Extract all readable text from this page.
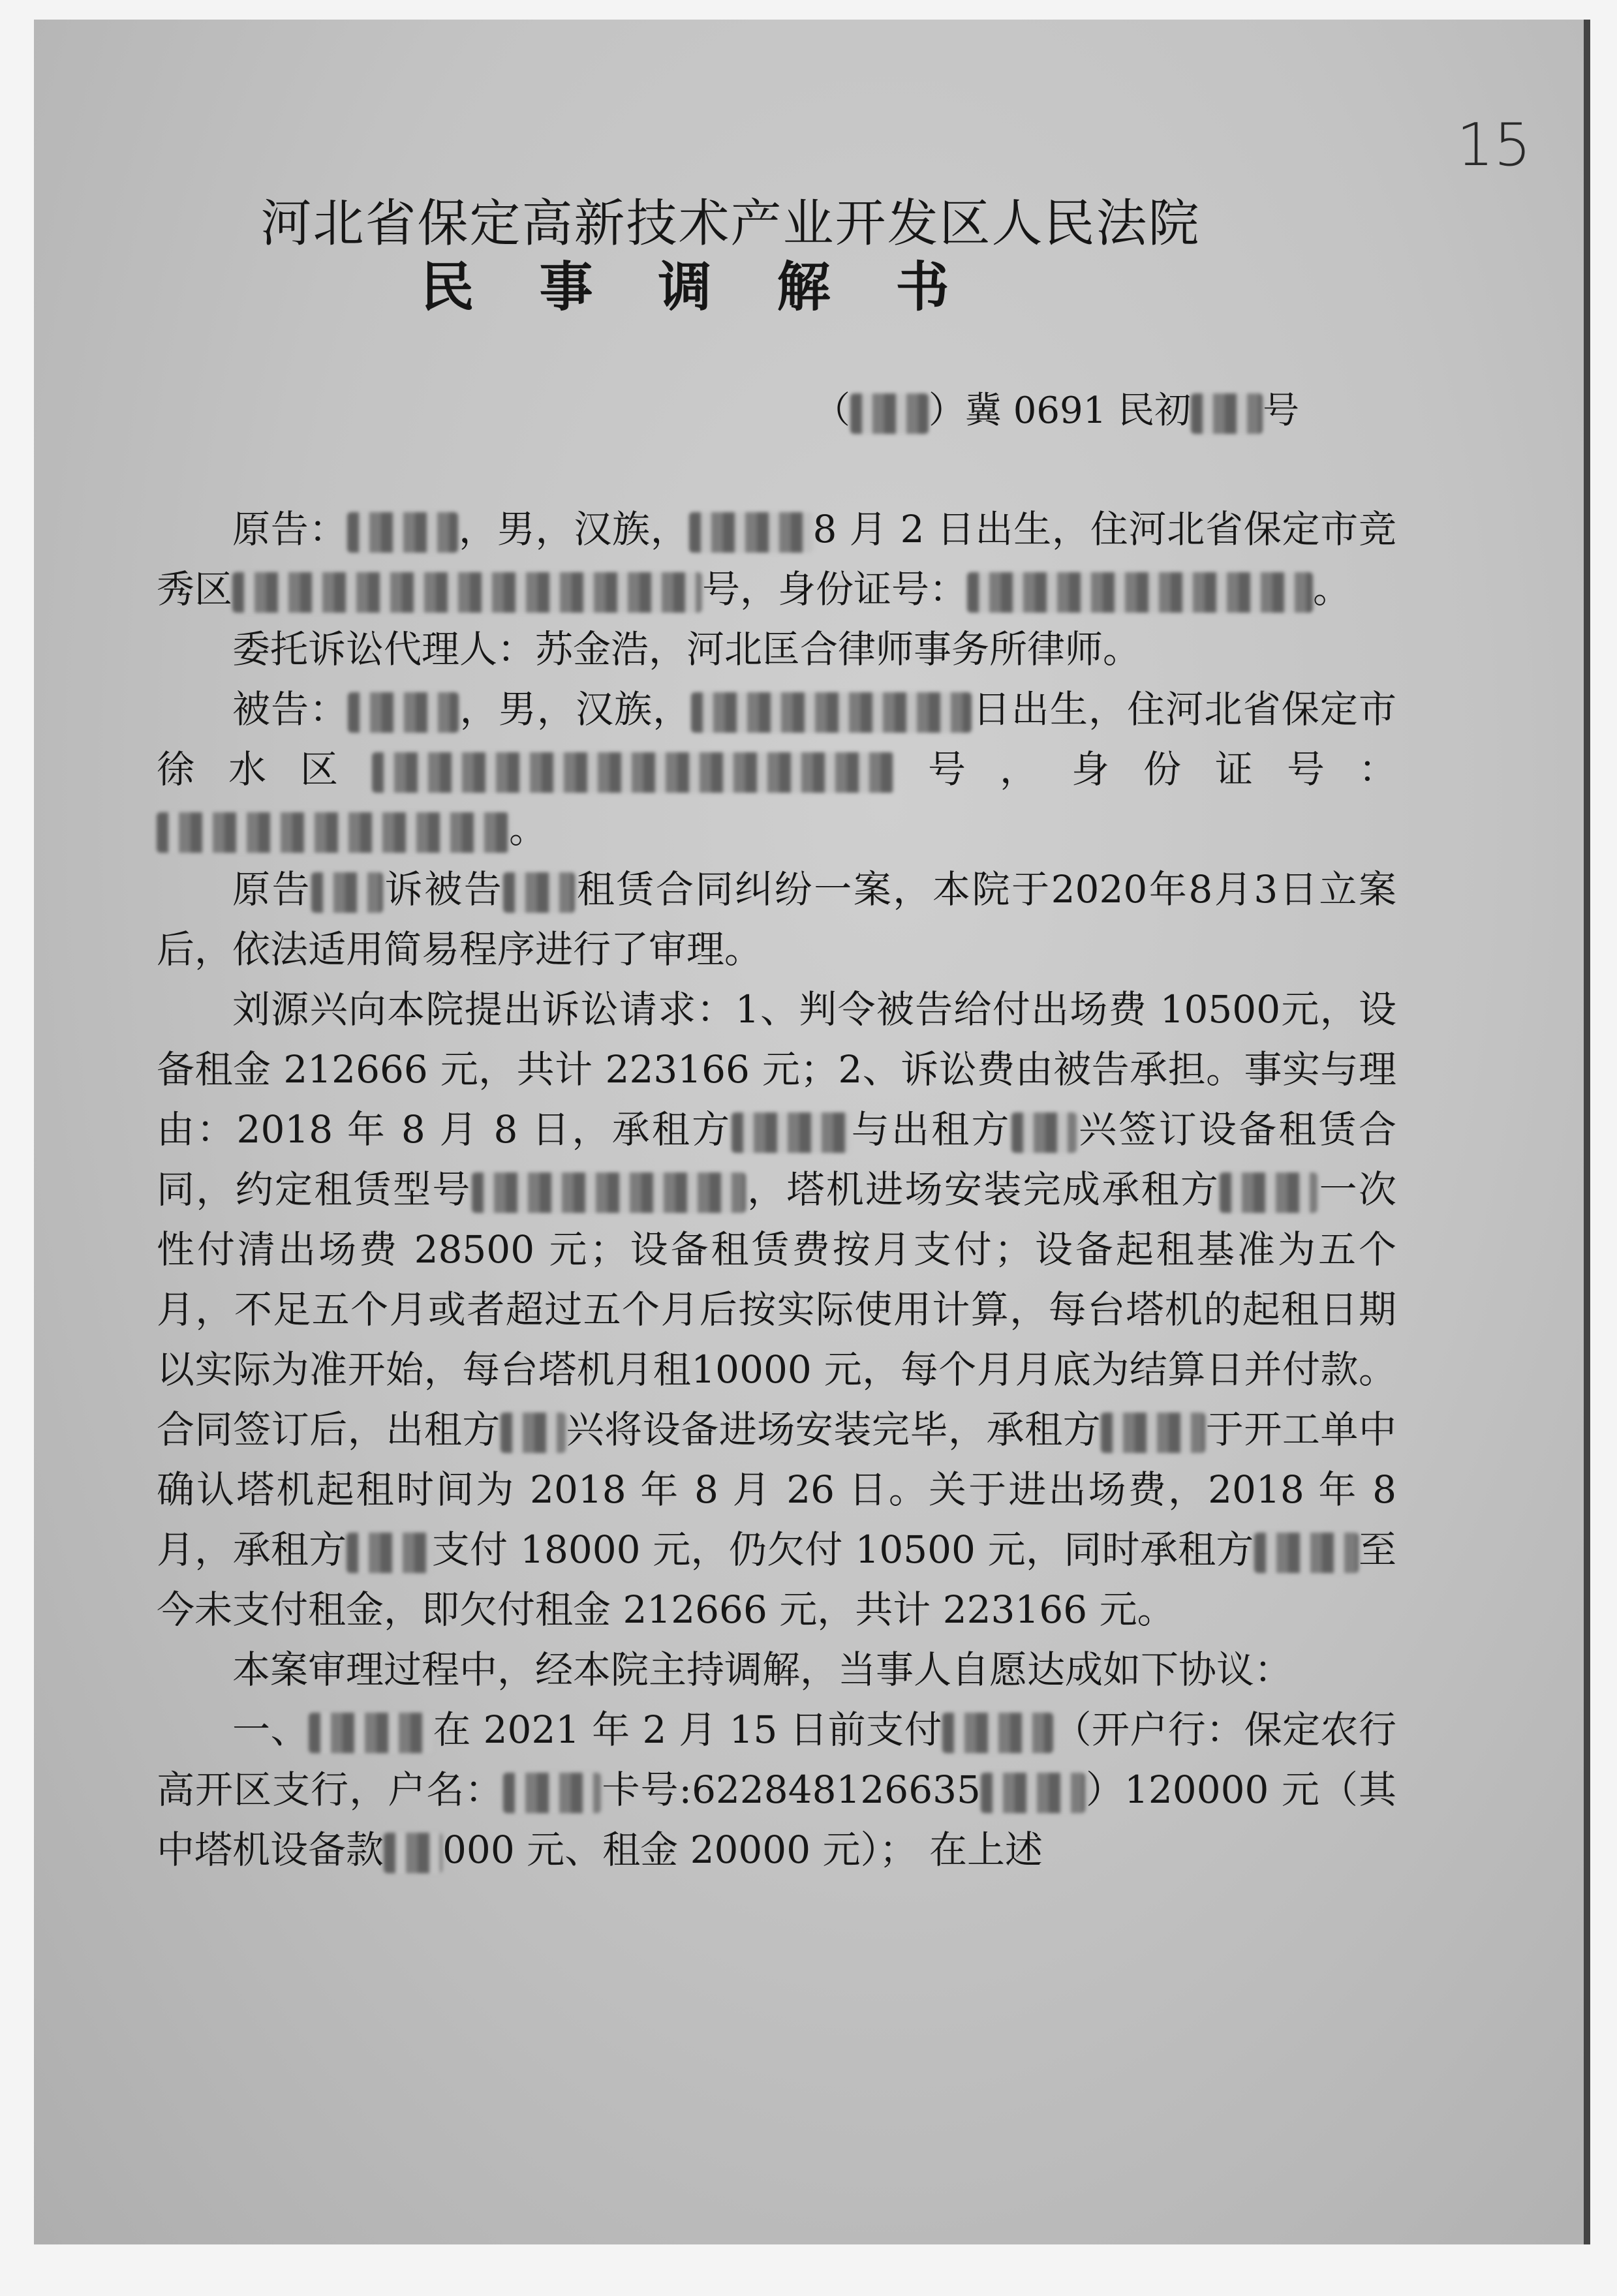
15
河北省保定高新技术产业开发区人民法院
民事调解书
（ ）冀 0691 民初 号

原告：	，男，汉族，	8 月 2 日出生，住河北省保定市竞秀区	号，身份证号：	。

委托诉讼代理人：苏金浩，河北匡合律师事务所律师。

被告：	，男，汉族，	日出生，住河北省保定市徐水区	号，身份证号：。

原告 诉被告 租赁合同纠纷一案，本院于2020年8月3日立案后，依法适用简易程序进行了审理。

刘源兴向本院提出诉讼请求：1、判令被告给付出场费 10500元，设备租金 212666 元，共计 223166 元；2、诉讼费由被告承担。事实与理由：2018 年 8 月 8 日，承租方	与出租方 兴签订设备租赁合同，约定租赁型号	，塔机进场安装完成承租方	一次性付清出场费 28500 元；设备租赁费按月支付；设备起租基准为五个月，不足五个月或者超过五个月后按实际使用计算，每台塔机的起租日期以实际为准开始，每台塔机月租10000 元，每个月月底为结算日并付款。合同签订后，出租方 兴将设备进场安装完毕，承租方	于开工单中确认塔机起租时间为 2018 年 8 月 26 日。关于进出场费，2018 年 8 月，承租方 支付 18000 元，仍欠付 10500 元，同时承租方	至今未支付租金，即欠付租金 212666 元，共计 223166 元。

本案审理过程中，经本院主持调解，当事人自愿达成如下协议：

一、	在 2021 年 2 月 15 日前支付	（开户行：保定农行高开区支行，户名：	卡号:622848126635	）120000 元（其中塔机设备款 000 元、租金 20000 元）； 在上述
